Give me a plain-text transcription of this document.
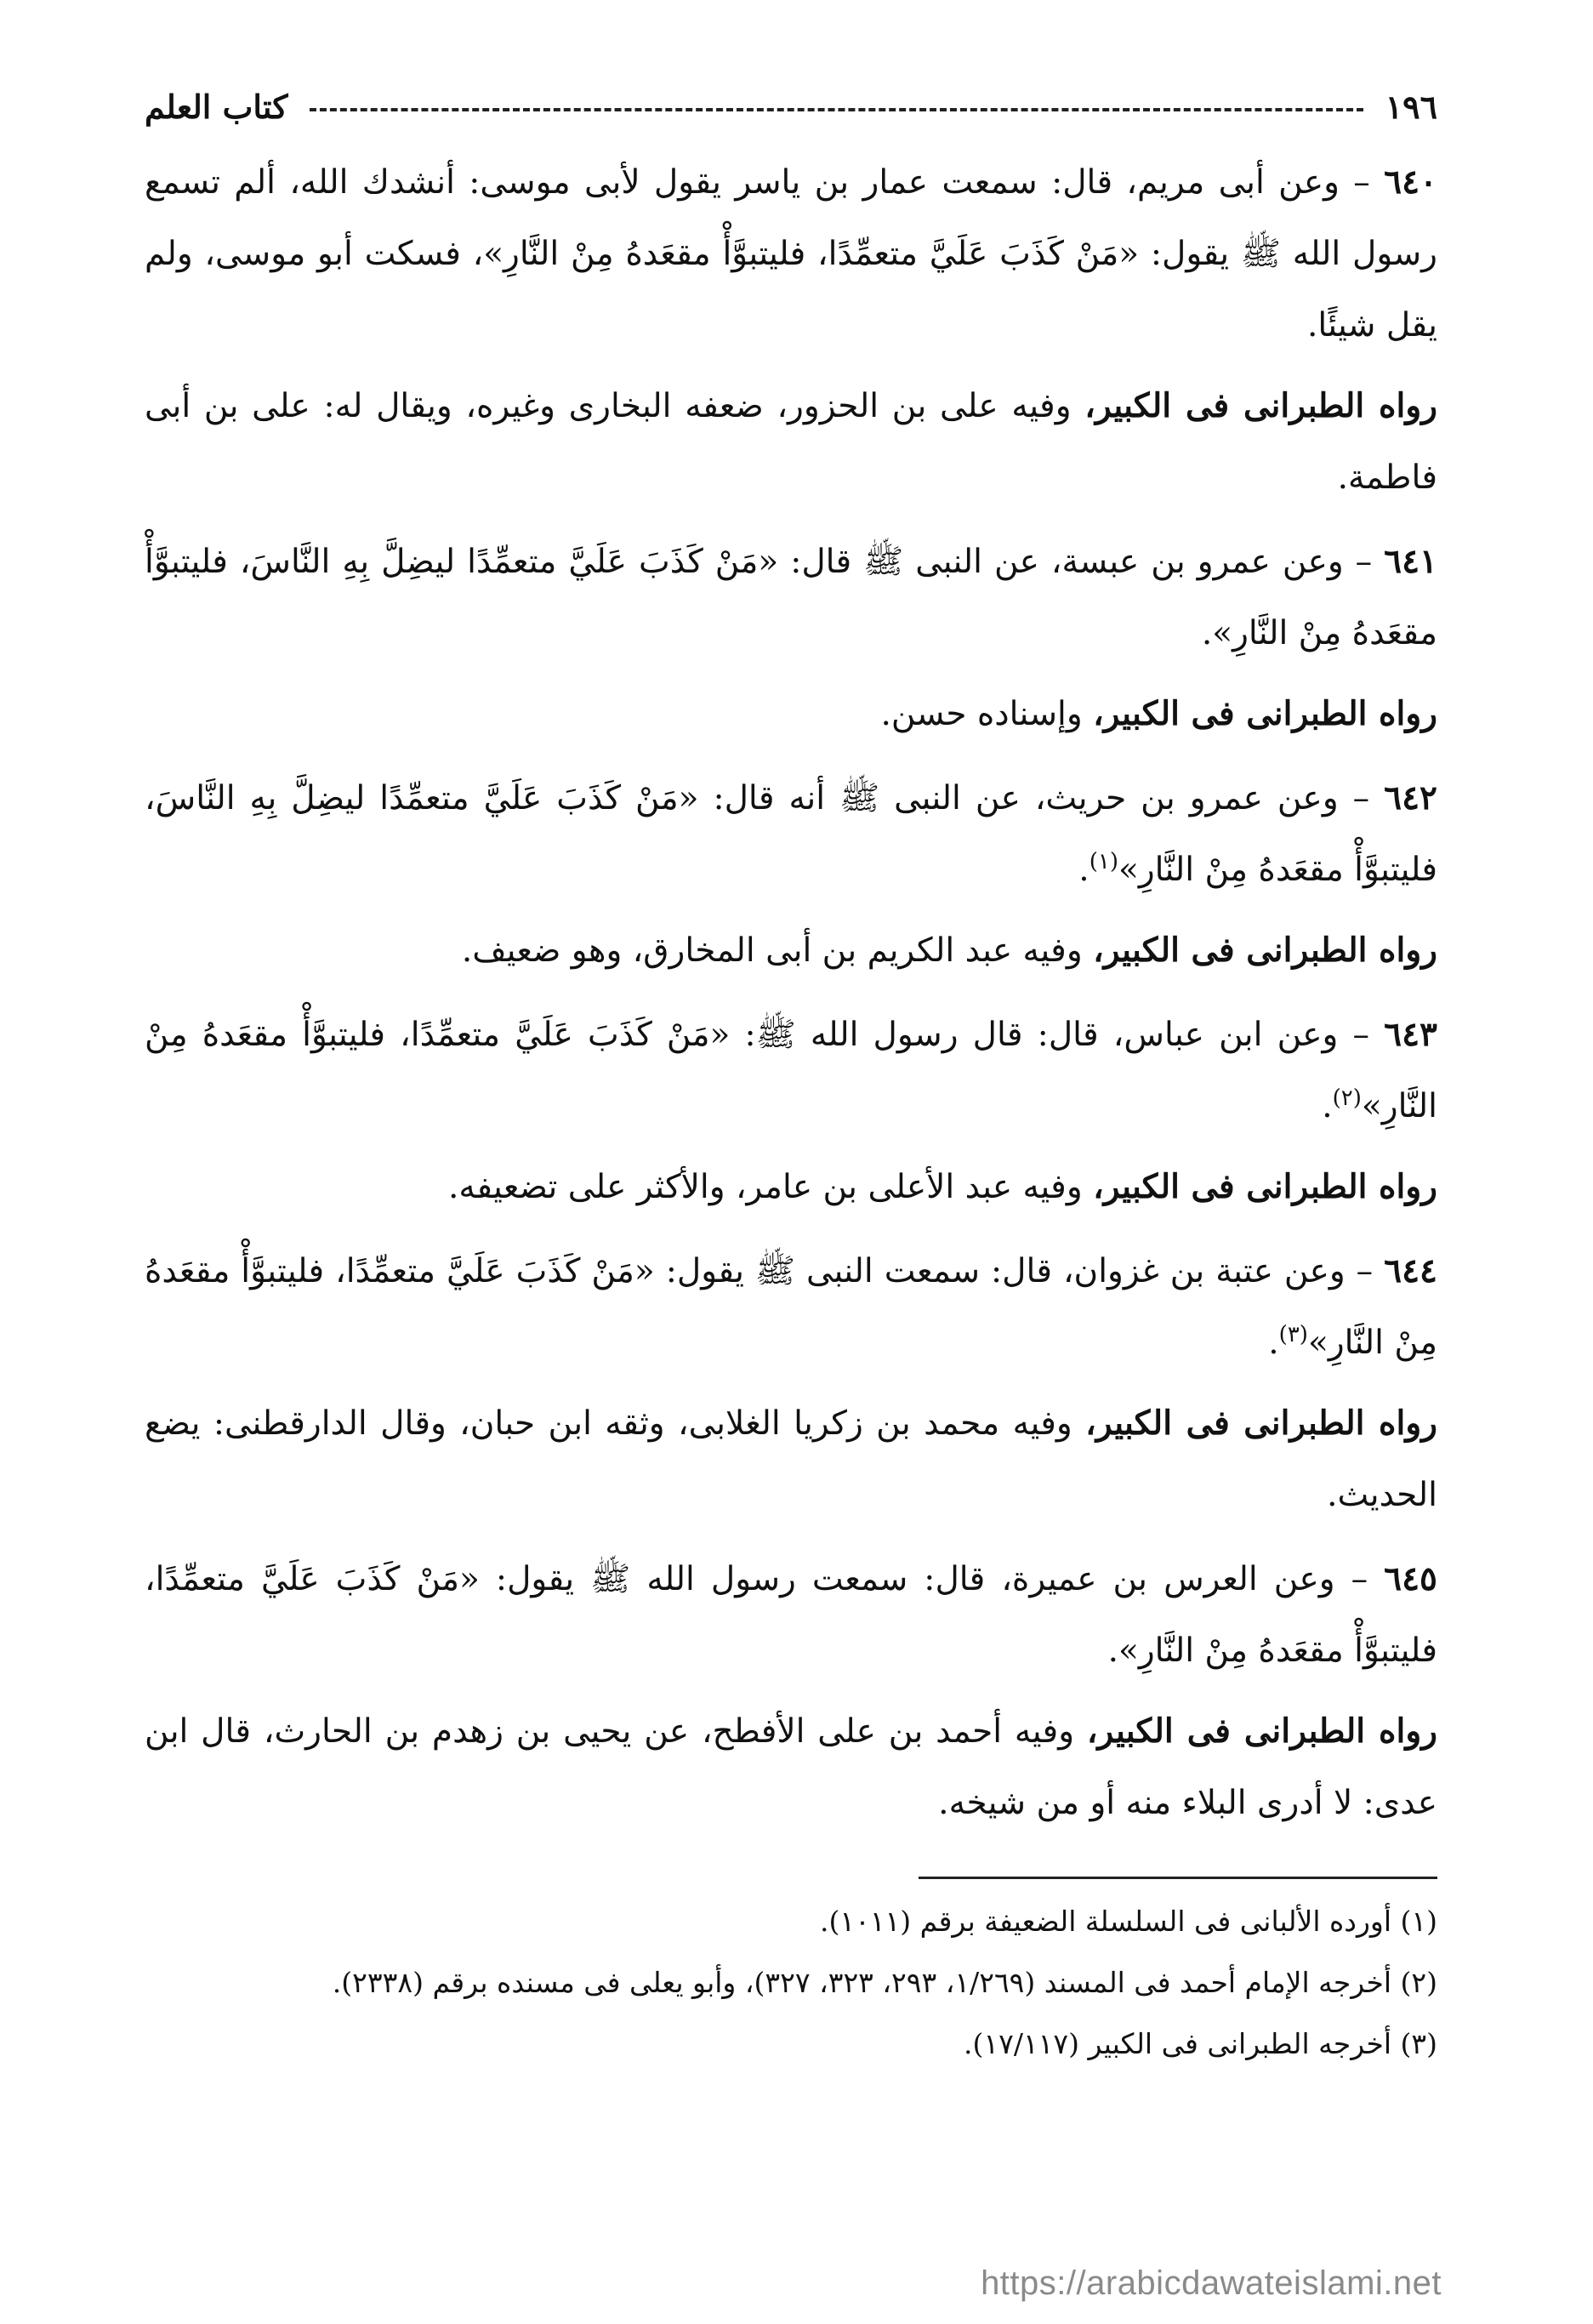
١٩٦
كتاب العلم

٦٤٠ – وعن أبى مريم، قال: سمعت عمار بن ياسر يقول لأبى موسى: أنشدك الله، ألم تسمع رسول الله ﷺ يقول: «مَنْ كَذَبَ عَلَيَّ متعمِّدًا، فليتبوَّأْ مقعَدهُ مِنْ النَّارِ»، فسكت أبو موسى، ولم يقل شيئًا.

رواه الطبرانى فى الكبير، وفيه على بن الحزور، ضعفه البخارى وغيره، ويقال له: على بن أبى فاطمة.

٦٤١ – وعن عمرو بن عبسة، عن النبى ﷺ قال: «مَنْ كَذَبَ عَلَيَّ متعمِّدًا ليضِلَّ بِهِ النَّاسَ، فليتبوَّأْ مقعَدهُ مِنْ النَّارِ».

رواه الطبرانى فى الكبير، وإسناده حسن.

٦٤٢ – وعن عمرو بن حريث، عن النبى ﷺ أنه قال: «مَنْ كَذَبَ عَلَيَّ متعمِّدًا ليضِلَّ بِهِ النَّاسَ، فليتبوَّأْ مقعَدهُ مِنْ النَّارِ»$^{(١)}$.

رواه الطبرانى فى الكبير، وفيه عبد الكريم بن أبى المخارق، وهو ضعيف.

٦٤٣ – وعن ابن عباس، قال: قال رسول الله ﷺ: «مَنْ كَذَبَ عَلَيَّ متعمِّدًا، فليتبوَّأْ مقعَدهُ مِنْ النَّارِ»$^{(٢)}$.

رواه الطبرانى فى الكبير، وفيه عبد الأعلى بن عامر، والأكثر على تضعيفه.

٦٤٤ – وعن عتبة بن غزوان، قال: سمعت النبى ﷺ يقول: «مَنْ كَذَبَ عَلَيَّ متعمِّدًا، فليتبوَّأْ مقعَدهُ مِنْ النَّارِ»$^{(٣)}$.

رواه الطبرانى فى الكبير، وفيه محمد بن زكريا الغلابى، وثقه ابن حبان، وقال الدارقطنى: يضع الحديث.

٦٤٥ – وعن العرس بن عميرة، قال: سمعت رسول الله ﷺ يقول: «مَنْ كَذَبَ عَلَيَّ متعمِّدًا، فليتبوَّأْ مقعَدهُ مِنْ النَّارِ».

رواه الطبرانى فى الكبير، وفيه أحمد بن على الأفطح، عن يحيى بن زهدم بن الحارث، قال ابن عدى: لا أدرى البلاء منه أو من شيخه.

(١) أورده الألبانى فى السلسلة الضعيفة برقم (١٠١١).

(٢) أخرجه الإمام أحمد فى المسند (١/٢٦٩، ٢٩٣، ٣٢٣، ٣٢٧)، وأبو يعلى فى مسنده برقم (٢٣٣٨).

(٣) أخرجه الطبرانى فى الكبير (١٧/١١٧).

https://arabicdawateislami.net
